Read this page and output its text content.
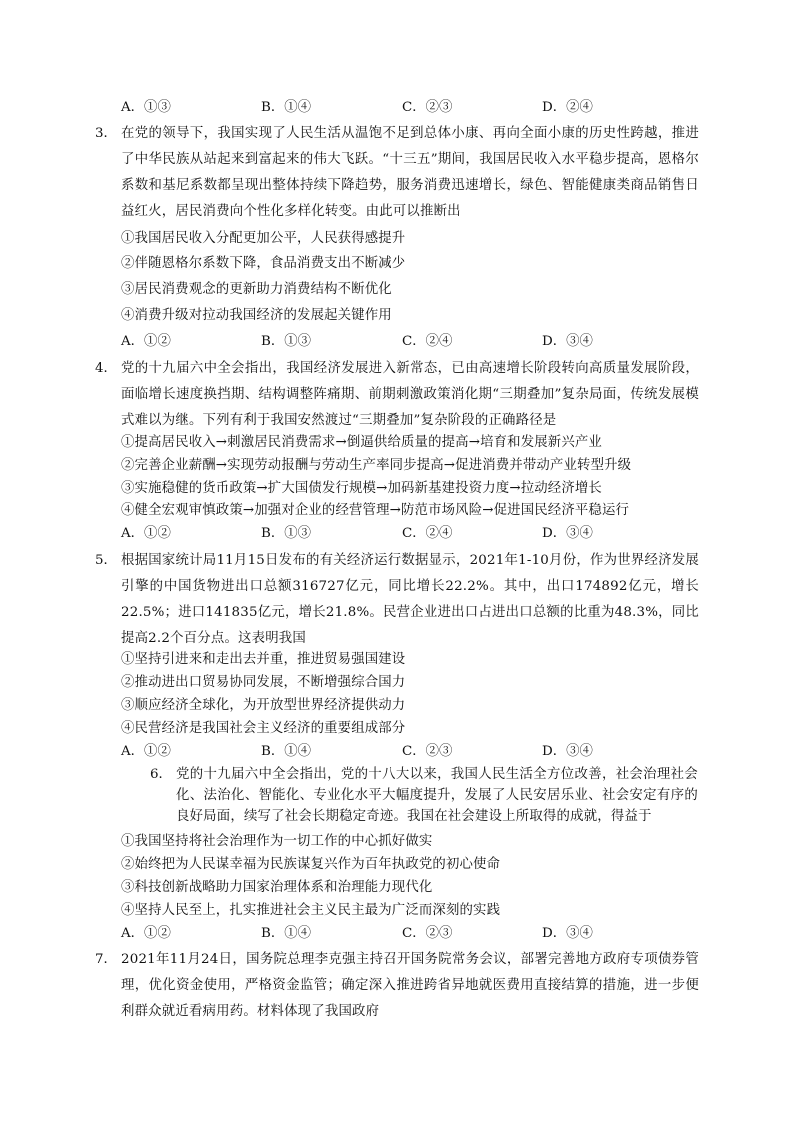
A．①③	B．①④	C．②③	D．②④
3． 在党的领导下，我国实现了人民生活从温饱不足到总体小康、再向全面小康的历史性跨越，推进了中华民族从站起来到富起来的伟大飞跃。“十三五”期间，我国居民收入水平稳步提高，恩格尔系数和基尼系数都呈现出整体持续下降趋势，服务消费迅速增长，绿色、智能健康类商品销售日益红火，居民消费向个性化多样化转变。由此可以推断出
①我国居民收入分配更加公平，人民获得感提升
②伴随恩格尔系数下降，食品消费支出不断减少
③居民消费观念的更新助力消费结构不断优化
④消费升级对拉动我国经济的发展起关键作用
A．①②	B．①③	C．②④	D．③④
4． 党的十九届六中全会指出，我国经济发展进入新常态，已由高速增长阶段转向高质量发展阶段，面临增长速度换挡期、结构调整阵痛期、前期刺激政策消化期“三期叠加”复杂局面，传统发展模式难以为继。下列有利于我国安然渡过“三期叠加”复杂阶段的正确路径是
①提高居民收入→刺激居民消费需求→倒逼供给质量的提高→培育和发展新兴产业
②完善企业薪酬→实现劳动报酬与劳动生产率同步提高→促进消费并带动产业转型升级
③实施稳健的货币政策→扩大国债发行规模→加码新基建投资力度→拉动经济增长
④健全宏观审慎政策→加强对企业的经营管理→防范市场风险→促进国民经济平稳运行
A．①②	B．①③	C．②④	D．③④
5． 根据国家统计局11月15日发布的有关经济运行数据显示，2021年1-10月份，作为世界经济发展引擎的中国货物进出口总额316727亿元，同比增长22.2%。其中，出口174892亿元，增长22.5%；进口141835亿元，增长21.8%。民营企业进出口占进出口总额的比重为48.3%，同比提高2.2个百分点。这表明我国
①坚持引进来和走出去并重，推进贸易强国建设
②推动进出口贸易协同发展，不断增强综合国力
③顺应经济全球化，为开放型世界经济提供动力
④民营经济是我国社会主义经济的重要组成部分
A．①②	B．①④	C．②③	D．③④
6． 党的十九届六中全会指出，党的十八大以来，我国人民生活全方位改善，社会治理社会化、法治化、智能化、专业化水平大幅度提升，发展了人民安居乐业、社会安定有序的良好局面，续写了社会长期稳定奇迹。我国在社会建设上所取得的成就，得益于
①我国坚持将社会治理作为一切工作的中心抓好做实
②始终把为人民谋幸福为民族谋复兴作为百年执政党的初心使命
③科技创新战略助力国家治理体系和治理能力现代化
④坚持人民至上，扎实推进社会主义民主最为广泛而深刻的实践
A．①②	B．①④	C．②③	D．③④
7． 2021年11月24日，国务院总理李克强主持召开国务院常务会议，部署完善地方政府专项债券管理，优化资金使用，严格资金监管；确定深入推进跨省异地就医费用直接结算的措施，进一步便利群众就近看病用药。材料体现了我国政府
